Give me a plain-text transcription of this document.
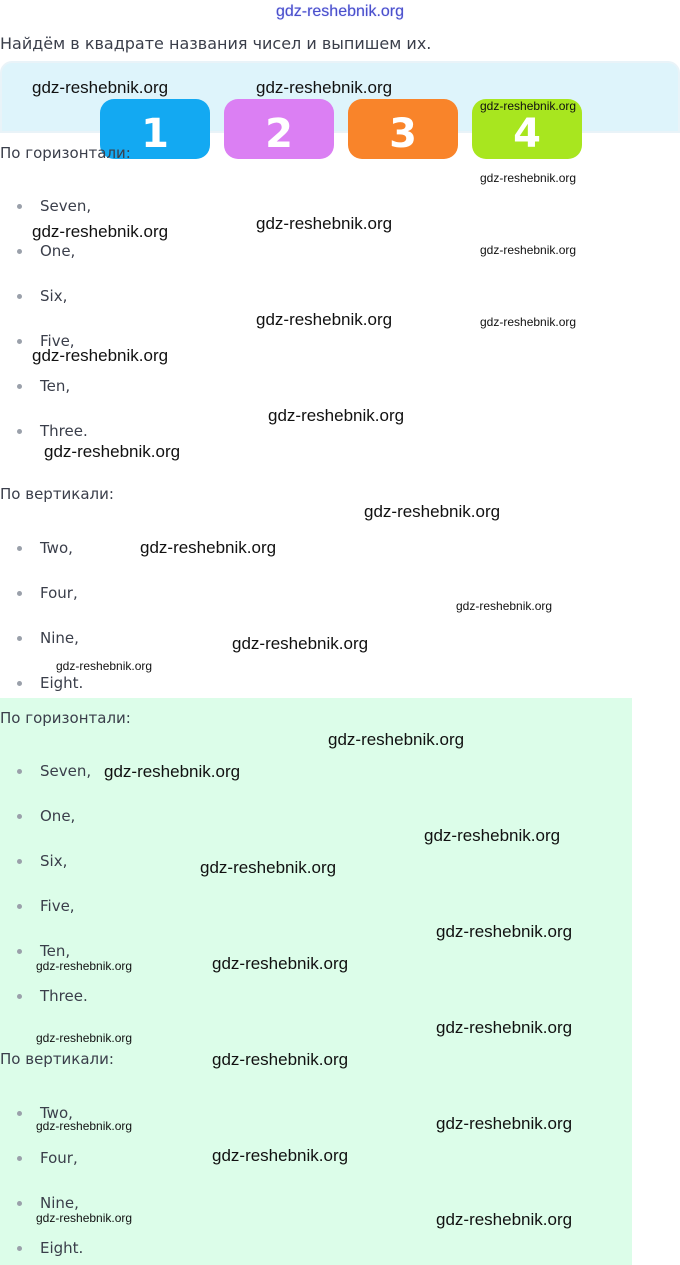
gdz-reshebnik.org
Найдём в квадрате названия чисел и выпишем их.
1	2	3	4
По горизонтали:
Seven,
One,
Six,
Five,
Ten,
Three.
По вертикали:
Two,
Four,
Nine,
Eight.
По горизонтали:
Seven,
One,
Six,
Five,
Ten,
Three.
По вертикали:
Two,
Four,
Nine,
Eight.
gdz-reshebnik.org	gdz-reshebnik.org
gdz-reshebnik.org
gdz-reshebnik.org
gdz-reshebnik.org
gdz-reshebnik.org
gdz-reshebnik.org
gdz-reshebnik.org	gdz-reshebnik.org
gdz-reshebnik.org
gdz-reshebnik.org
gdz-reshebnik.org
gdz-reshebnik.org
gdz-reshebnik.org
gdz-reshebnik.org
gdz-reshebnik.org
gdz-reshebnik.org
gdz-reshebnik.org
gdz-reshebnik.org
gdz-reshebnik.org
gdz-reshebnik.org
gdz-reshebnik.org
gdz-reshebnik.org
gdz-reshebnik.org
gdz-reshebnik.org
gdz-reshebnik.org
gdz-reshebnik.org
gdz-reshebnik.org
gdz-reshebnik.org
gdz-reshebnik.org
gdz-reshebnik.org
gdz-reshebnik.org
